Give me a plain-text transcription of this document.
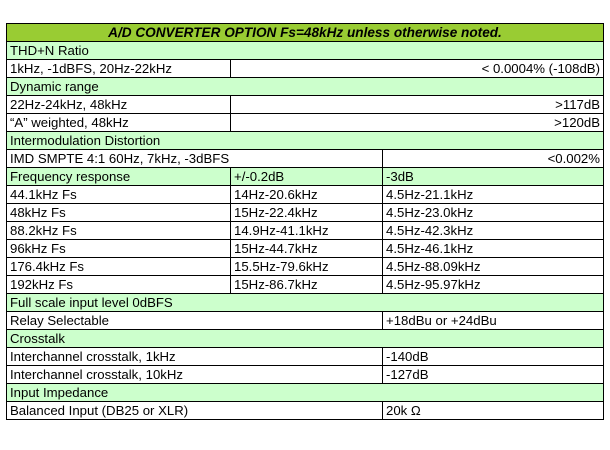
A/D CONVERTER OPTION Fs=48kHz unless otherwise noted.		
THD+N Ratio		
1kHz, -1dBFS, 20Hz-22kHz	< 0.0004% (-108dB)	
Dynamic range		
22Hz-24kHz, 48kHz	>117dB	
“A” weighted, 48kHz	>120dB	
Intermodulation Distortion		
IMD SMPTE 4:1 60Hz, 7kHz, -3dBFS		<0.002%
Frequency response	+/-0.2dB	-3dB
44.1kHz Fs	14Hz-20.6kHz	4.5Hz-21.1kHz
48kHz Fs	15Hz-22.4kHz	4.5Hz-23.0kHz
88.2kHz Fs	14.9Hz-41.1kHz	4.5Hz-42.3kHz
96kHz Fs	15Hz-44.7kHz	4.5Hz-46.1kHz
176.4kHz Fs	15.5Hz-79.6kHz	4.5Hz-88.09kHz
192kHz Fs	15Hz-86.7kHz	4.5Hz-95.97kHz
Full scale input level 0dBFS		
Relay Selectable		+18dBu or +24dBu
Crosstalk		
Interchannel crosstalk, 1kHz		-140dB
Interchannel crosstalk, 10kHz		-127dB
Input Impedance		
Balanced Input (DB25 or XLR)		20k Ω
